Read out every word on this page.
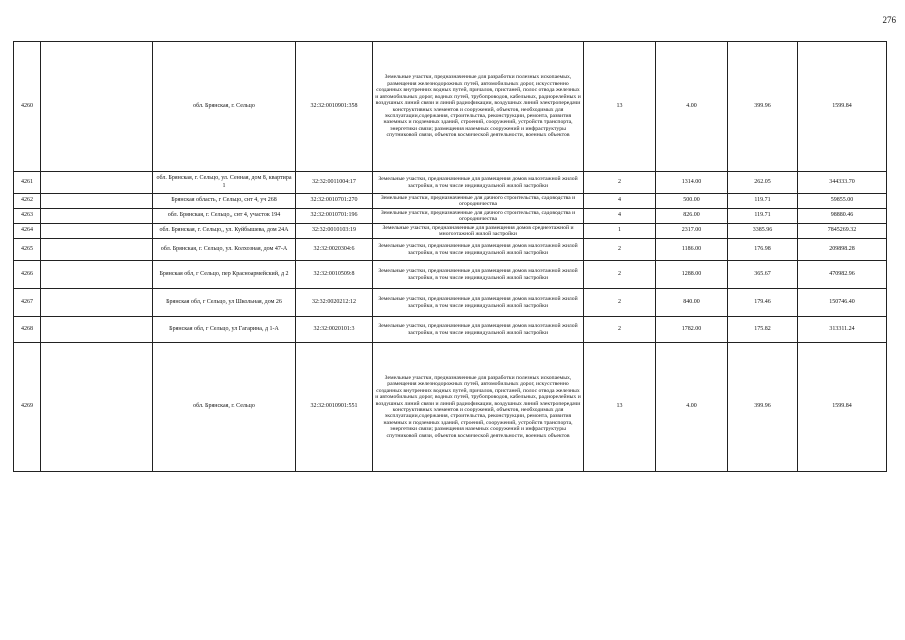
276
4260		обл. Брянская, г. Сельцо	32:32:0010901:358	Земельные участки, предназначенные для разработки полезных ископаемых, размещения железнодорожных путей, автомобильных дорог, искусственно созданных внутренних водных путей, причалов, пристаней, полос отвода железных и автомобильных дорог, водных путей, трубопроводов, кабельных, радиорелейных и воздушных линий связи и линий радиофикации, воздушных линий электропередачи конструктивных элементов и сооружений, объектов, необходимых для эксплуатации,содержания, строительства, реконструкции, ремонта, развития наземных и подземных зданий, строений, сооружений, устройств транспорта, энергетики связи; размещения наземных сооружений и инфраструктуры спутниковой связи, объектов космической деятельности, военных объектов	13	4.00	399.96	1599.84
4261		обл. Брянская, г. Сельцо, ул. Сенная, дом 8, квартира 1	32:32:0011004:17	Земельные участки, предназначенные для размещения домов малоэтажной жилой застройки, в том числе индивидуальной жилой застройки	2	1314.00	262.05	344333.70
4262		Брянская область, г Сельцо, снт 4, уч 268	32:32:0010701:270	Земельные участки, предназначенные для дачного строительства, садоводства и огородничества	4	500.00	119.71	59855.00
4263		обл. Брянская, г. Сельцо,, снт 4, участок 194	32:32:0010701:196	Земельные участки, предназначенные для дачного строительства, садоводства и огородничества	4	826.00	119.71	98880.46
4264		обл. Брянская, г. Сельцо,, ул. Куйбышева, дом 24А	32:32:0010103:19	Земельные участки, предназначенные для размещения домов среднеэтажной и многоэтажной жилой застройки	1	2317.00	3385.96	7845269.32
4265		обл. Брянская, г. Сельцо, ул. Колхозная, дом 47-А	32:32:0020304:6	Земельные участки, предназначенные для размещения домов малоэтажной жилой застройки, в том числе индивидуальной жилой застройки	2	1186.00	176.98	209898.28
4266		Брянская обл, г Сельцо, пер Красноармейский, д 2	32:32:0010509:8	Земельные участки, предназначенные для размещения домов малоэтажной жилой застройки, в том числе индивидуальной жилой застройки	2	1288.00	365.67	470982.96
4267		Брянская обл, г Сельцо, ул Школьная, дом 26	32:32:0020212:12	Земельные участки, предназначенные для размещения домов малоэтажной жилой застройки, в том числе индивидуальной жилой застройки	2	840.00	179.46	150746.40
4268		Брянская обл, г Сельцо, ул Гагарина, д 1-А	32:32:0020101:3	Земельные участки, предназначенные для размещения домов малоэтажной жилой застройки, в том числе индивидуальной жилой застройки	2	1782.00	175.82	313311.24
4269		обл. Брянская, г. Сельцо	32:32:0010901:551	Земельные участки, предназначенные для разработки полезных ископаемых, размещения железнодорожных путей, автомобильных дорог, искусственно созданных внутренних водных путей, причалов, пристаней, полос отвода железных и автомобильных дорог, водных путей, трубопроводов, кабельных, радиорелейных и воздушных линий связи и линий радиофикации, воздушных линий электропередачи конструктивных элементов и сооружений, объектов, необходимых для эксплуатации,содержания, строительства, реконструкции, ремонта, развития наземных и подземных зданий, строений, сооружений, устройств транспорта, энергетики связи; размещения наземных сооружений и инфраструктуры спутниковой связи, объектов космической деятельности, военных объектов	13	4.00	399.96	1599.84
